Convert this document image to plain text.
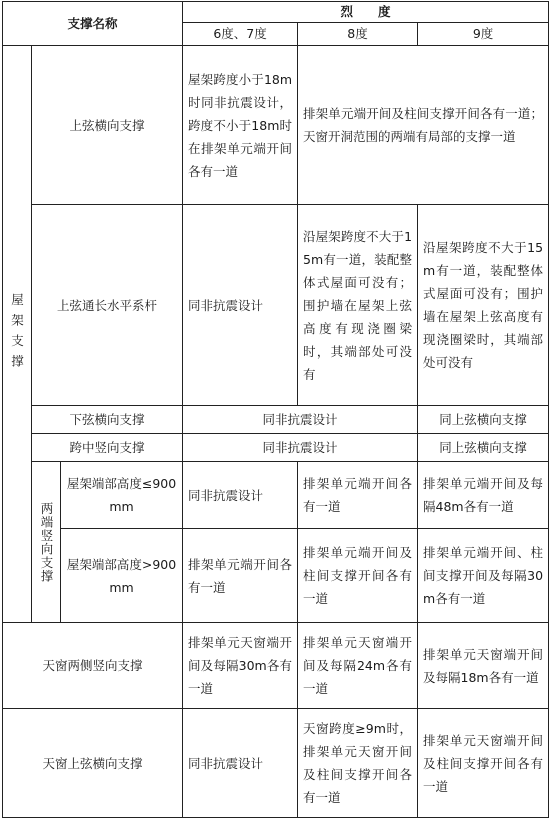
支撑名称			烈　　度		
			6度、7度	8度	9度
屋架支撑	上弦横向支撑		屋架跨度小于18m时同非抗震设计，跨度不小于18m时在排架单元端开间各有一道	排架单元端开间及柱间支撑开间各有一道；天窗开洞范围的两端有局部的支撑一道	
	上弦通长水平系杆		同非抗震设计	沿屋架跨度不大于15m有一道，装配整体式屋面可没有；围护墙在屋架上弦高度有现浇圈梁时，其端部处可没有	沿屋架跨度不大于15m有一道，装配整体式屋面可没有；围护墙在屋架上弦高度有现浇圈梁时，其端部处可没有
	下弦横向支撑		同非抗震设计		同上弦横向支撑
	跨中竖向支撑		同非抗震设计		同上弦横向支撑
	两端竖向支撑	屋架端部高度≤900mm	同非抗震设计	排架单元端开间各有一道	排架单元端开间及每隔48m各有一道
		屋架端部高度>900mm	排架单元端开间各有一道	排架单元端开间及柱间支撑开间各有一道	排架单元端开间、柱间支撑开间及每隔30m各有一道
天窗两侧竖向支撑			排架单元天窗端开间及每隔30m各有一道	排架单元天窗端开间及每隔24m各有一道	排架单元天窗端开间及每隔18m各有一道
天窗上弦横向支撑			同非抗震设计	天窗跨度≥9m时，排架单元天窗开间及柱间支撑开间各有一道	排架单元天窗端开间及柱间支撑开间各有一道
